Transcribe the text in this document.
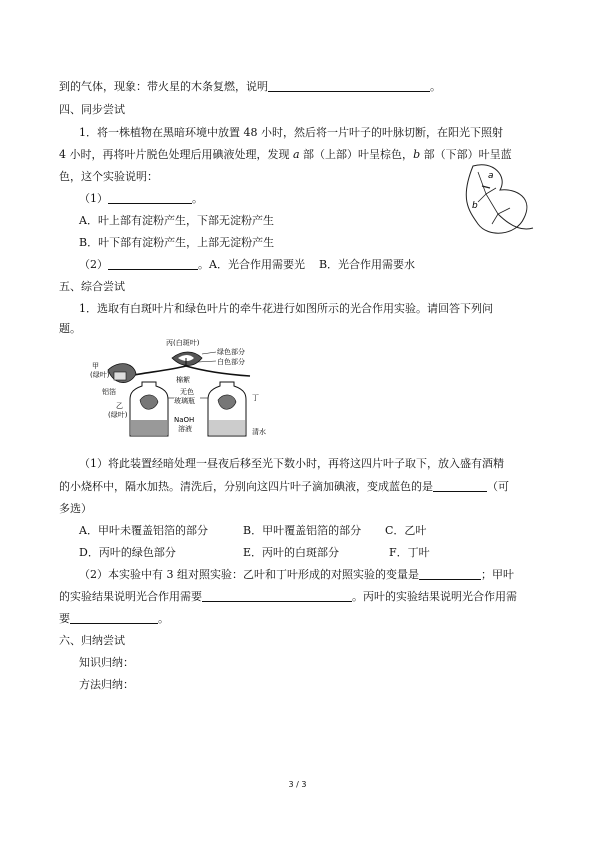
到的气体，现象：带火星的木条复燃，说明	。
四、同步尝试
1．将一株植物在黑暗环境中放置 48 小时，然后将一片叶子的叶脉切断，在阳光下照射
4 小时，再将叶片脱色处理后用碘液处理，发现 a 部（上部）叶呈棕色，b 部（下部）叶呈蓝
色，这个实验说明：
（1）	。
A．叶上部有淀粉产生，下部无淀粉产生
B．叶下部有淀粉产生，上部无淀粉产生
（2）	。A．光合作用需要光 B．光合作用需要水
a
b
五、综合尝试
1．选取有白斑叶片和绿色叶片的牵牛花进行如图所示的光合作用实验。请回答下列问
题。
丙(白斑叶)
绿色部分
白色部分
甲
(绿叶)
铝箔
乙
(绿叶)
棉絮
无色
玻璃瓶
NaOH
溶液
丁
清水
（1）将此装置经暗处理一昼夜后移至光下数小时，再将这四片叶子取下，放入盛有酒精
的小烧杯中，隔水加热。清洗后，分别向这四片叶子滴加碘液，变成蓝色的是	（可
多选）
A．甲叶未覆盖铝箔的部分	B．甲叶覆盖铝箔的部分 C．乙叶
D．丙叶的绿色部分	E．丙叶的白斑部分	F．丁叶
（2）本实验中有 3 组对照实验：乙叶和丁叶形成的对照实验的变量是	；甲叶
的实验结果说明光合作用需要	。丙叶的实验结果说明光合作用需
要	。
六、归纳尝试
知识归纳：
方法归纳：
3 / 3
